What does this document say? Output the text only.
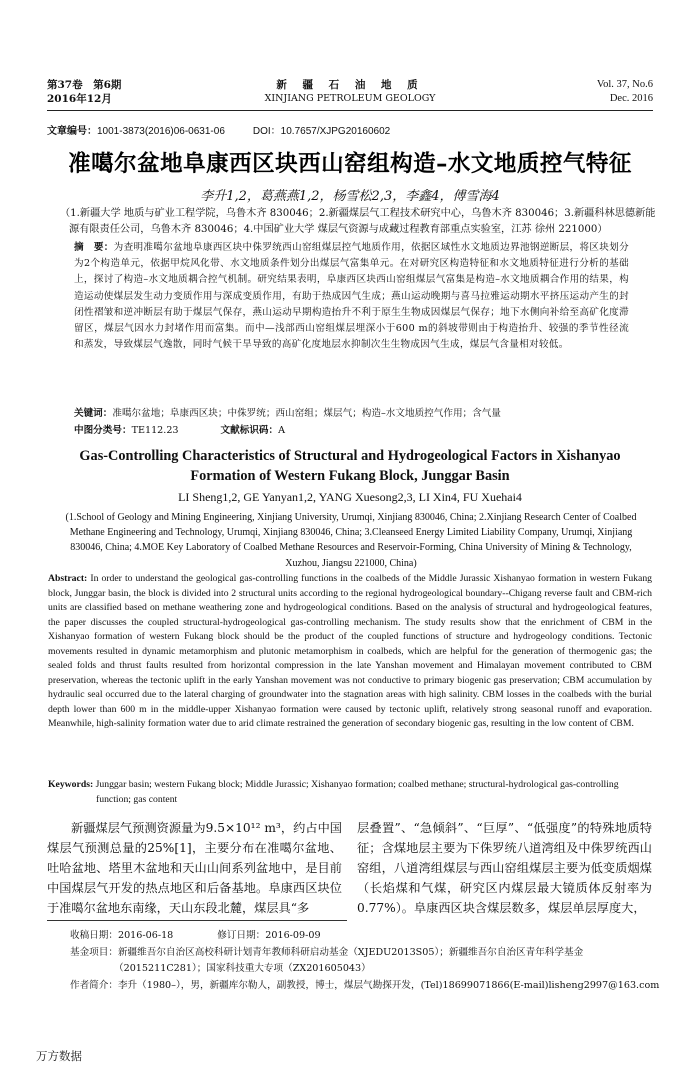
第37卷　第6期
2016年12月
新 疆 石 油 地 质
XINJIANG PETROLEUM GEOLOGY
Vol. 37, No.6
Dec. 2016
文章编号：1001-3873(2016)06-0631-06	DOI：10.7657/XJPG20160602
准噶尔盆地阜康西区块西山窑组构造–水文地质控气特征
李升1,2，葛燕燕1,2，杨雪松2,3，李鑫4，傅雪海4
（1.新疆大学 地质与矿业工程学院，乌鲁木齐 830046；2.新疆煤层气工程技术研究中心，乌鲁木齐 830046；3.新疆科林思德新能源有限责任公司，乌鲁木齐 830046；4.中国矿业大学 煤层气资源与成藏过程教育部重点实验室，江苏 徐州 221000）
摘　要：为查明准噶尔盆地阜康西区块中侏罗统西山窑组煤层控气地质作用，依据区域性水文地质边界池钢逆断层，将区块划分为2个构造单元，依据甲烷风化带、水文地质条件划分出煤层气富集单元。在对研究区构造特征和水文地质特征进行分析的基础上，探讨了构造–水文地质耦合控气机制。研究结果表明，阜康西区块西山窑组煤层气富集是构造–水文地质耦合作用的结果，构造运动使煤层发生动力变质作用与深成变质作用，有助于热成因气生成；燕山运动晚期与喜马拉雅运动期水平挤压运动产生的封闭性褶皱和逆冲断层有助于煤层气保存，燕山运动早期构造抬升不利于原生生物成因煤层气保存；地下水侧向补给至高矿化度滞留区，煤层气因水力封堵作用而富集。而中—浅部西山窑组煤层埋深小于600 m的斜坡带则由于构造抬升、较强的季节性径流和蒸发，导致煤层气逸散，同时气候干旱导致的高矿化度地层水抑制次生生物成因气生成，煤层气含量相对较低。
关键词：准噶尔盆地；阜康西区块；中侏罗统；西山窑组；煤层气；构造–水文地质控气作用；含气量
中图分类号：TE112.23	文献标识码：A
Gas-Controlling Characteristics of Structural and Hydrogeological Factors in Xishanyao Formation of Western Fukang Block, Junggar Basin
LI Sheng1,2, GE Yanyan1,2, YANG Xuesong2,3, LI Xin4, FU Xuehai4
(1.School of Geology and Mining Engineering, Xinjiang University, Urumqi, Xinjiang 830046, China; 2.Xinjiang Research Center of Coalbed Methane Engineering and Technology, Urumqi, Xinjiang 830046, China; 3.Cleanseed Energy Limited Liability Company, Urumqi, Xinjiang 830046, China; 4.MOE Key Laboratory of Coalbed Methane Resources and Reservoir-Forming, China University of Mining & Technology, Xuzhou, Jiangsu 221000, China)
Abstract: In order to understand the geological gas-controlling functions in the coalbeds of the Middle Jurassic Xishanyao formation in western Fukang block, Junggar basin, the block is divided into 2 structural units according to the regional hydrogeological boundary--Chigang reverse fault and CBM-rich units are classified based on methane weathering zone and hydrogeological conditions. Based on the analysis of structural and hydrogeological features, the paper discusses the coupled structural-hydrogeological gas-controlling mechanism. The study results show that the enrichment of CBM in the Xishanyao formation of western Fukang block should be the product of the coupled functions of structure and hydrogeology conditions. Tectonic movements resulted in dynamic metamorphism and plutonic metamorphism in coalbeds, which are helpful for the generation of thermogenic gas; the sealed folds and thrust faults resulted from horizontal compression in the late Yanshan movement and Himalayan movement contributed to CBM preservation, whereas the tectonic uplift in the early Yanshan movement was not conductive to primary biogenic gas preservation; CBM accumulation by hydraulic seal occurred due to the lateral charging of groundwater into the stagnation areas with high salinity. CBM losses in the coalbeds with the burial depth lower than 600 m in the middle-upper Xishanyao formation were caused by tectonic uplift, relatively strong seasonal runoff and evaporation. Meanwhile, high-salinity formation water due to arid climate restrained the generation of secondary biogenic gas, resulting in the low content of CBM.
Keywords: Junggar basin; western Fukang block; Middle Jurassic; Xishanyao formation; coalbed methane; structural-hydrological gas-controlling function; gas content
新疆煤层气预测资源量为9.5×10¹² m³，约占中国煤层气预测总量的25%[1]，主要分布在准噶尔盆地、吐哈盆地、塔里木盆地和天山山间系列盆地中，是目前中国煤层气开发的热点地区和后备基地。阜康西区块位于准噶尔盆地东南缘，天山东段北麓，煤层具“多
层叠置”、“急倾斜”、“巨厚”、“低强度”的特殊地质特征；含煤地层主要为下侏罗统八道湾组及中侏罗统西山窑组，八道湾组煤层与西山窑组煤层主要为低变质烟煤（长焰煤和气煤，研究区内煤层最大镜质体反射率为0.77%）。阜康西区块含煤层数多，煤层单层厚度大，
收稿日期：2016-06-18	修订日期：2016-09-09
基金项目：新疆维吾尔自治区高校科研计划青年教师科研启动基金（XJEDU2013S05）；新疆维吾尔自治区青年科学基金
（2015211C281）；国家科技重大专项（ZX201605043）
作者简介：李升（1980–），男，新疆库尔勒人，副教授，博士，煤层气勘探开发，(Tel)18699071866(E-mail)lisheng2997@163.com
万方数据
